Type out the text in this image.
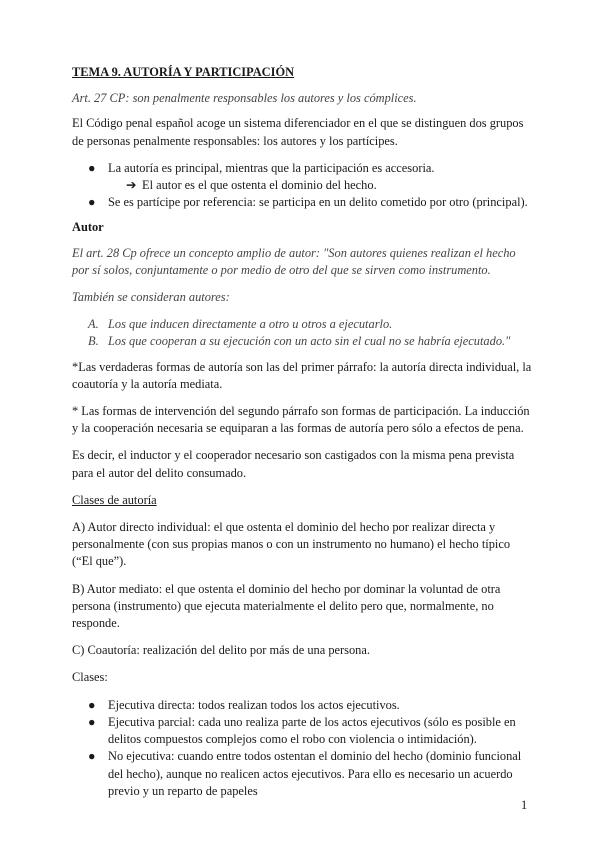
TEMA 9. AUTORÍA Y PARTICIPACIÓN

Art. 27 CP: son penalmente responsables los autores y los cómplices.

El Código penal español acoge un sistema diferenciador en el que se distinguen dos grupos de personas penalmente responsables: los autores y los partícipes.

● La autoría es principal, mientras que la participación es accesoria.
➔ El autor es el que ostenta el dominio del hecho.
● Se es partícipe por referencia: se participa en un delito cometido por otro (principal).

Autor

El art. 28 Cp ofrece un concepto amplio de autor: "Son autores quienes realizan el hecho por sí solos, conjuntamente o por medio de otro del que se sirven como instrumento.

También se consideran autores:

A. Los que inducen directamente a otro u otros a ejecutarlo.
B. Los que cooperan a su ejecución con un acto sin el cual no se habría ejecutado."

*Las verdaderas formas de autoría son las del primer párrafo: la autoría directa individual, la coautoría y la autoría mediata.

* Las formas de intervención del segundo párrafo son formas de participación. La inducción y la cooperación necesaria se equiparan a las formas de autoría pero sólo a efectos de pena.

Es decir, el inductor y el cooperador necesario son castigados con la misma pena prevista para el autor del delito consumado.

Clases de autoría

A) Autor directo individual: el que ostenta el dominio del hecho por realizar directa y personalmente (con sus propias manos o con un instrumento no humano) el hecho típico (“El que”).

B) Autor mediato: el que ostenta el dominio del hecho por dominar la voluntad de otra persona (instrumento) que ejecuta materialmente el delito pero que, normalmente, no responde.

C) Coautoría: realización del delito por más de una persona.

Clases:

● Ejecutiva directa: todos realizan todos los actos ejecutivos.
● Ejecutiva parcial: cada uno realiza parte de los actos ejecutivos (sólo es posible en delitos compuestos complejos como el robo con violencia o intimidación).
● No ejecutiva: cuando entre todos ostentan el dominio del hecho (dominio funcional del hecho), aunque no realicen actos ejecutivos. Para ello es necesario un acuerdo previo y un reparto de papeles
1
